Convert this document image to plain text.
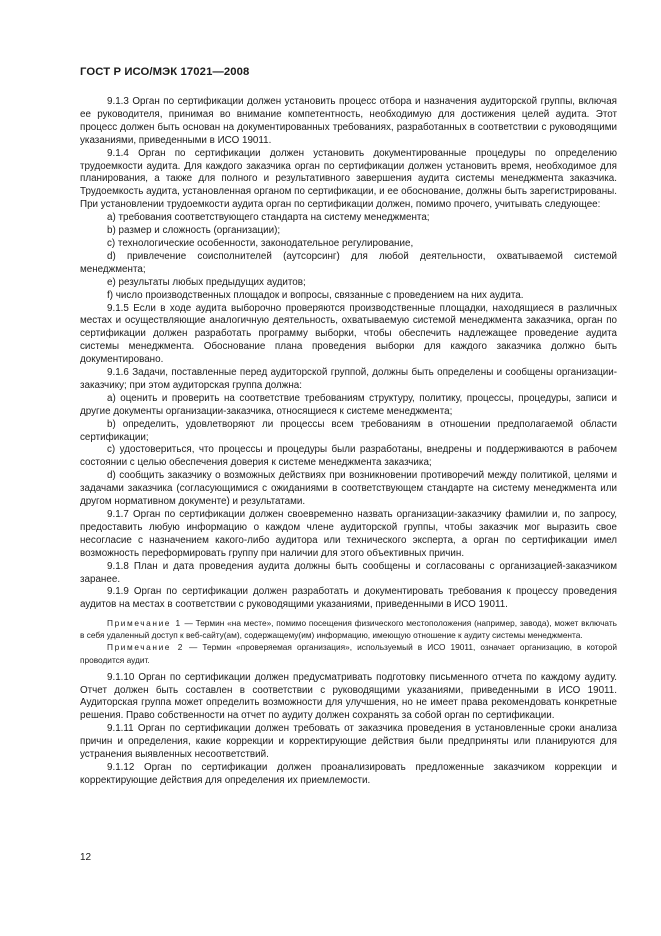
ГОСТ Р ИСО/МЭК 17021—2008

9.1.3 Орган по сертификации должен установить процесс отбора и назначения аудиторской группы, включая ее руководителя, принимая во внимание компетентность, необходимую для достижения целей аудита. Этот процесс должен быть основан на документированных требованиях, разработанных в соответствии с руководящими указаниями, приведенными в ИСО 19011.

9.1.4 Орган по сертификации должен установить документированные процедуры по определению трудоемкости аудита. Для каждого заказчика орган по сертификации должен установить время, необходимое для планирования, а также для полного и результативного завершения аудита системы менеджмента заказчика. Трудоемкость аудита, установленная органом по сертификации, и ее обоснование, должны быть зарегистрированы. При установлении трудоемкости аудита орган по сертификации должен, помимо прочего, учитывать следующее:

a) требования соответствующего стандарта на систему менеджмента;

b) размер и сложность (организации);

c) технологические особенности, законодательное регулирование,

d) привлечение соисполнителей (аутсорсинг) для любой деятельности, охватываемой системой менеджмента;

e) результаты любых предыдущих аудитов;

f) число производственных площадок и вопросы, связанные с проведением на них аудита.

9.1.5 Если в ходе аудита выборочно проверяются производственные площадки, находящиеся в различных местах и осуществляющие аналогичную деятельность, охватываемую системой менеджмента заказчика, орган по сертификации должен разработать программу выборки, чтобы обеспечить надлежащее проведение аудита системы менеджмента. Обоснование плана проведения выборки для каждого заказчика должно быть документировано.

9.1.6 Задачи, поставленные перед аудиторской группой, должны быть определены и сообщены организации-заказчику; при этом аудиторская группа должна:

a) оценить и проверить на соответствие требованиям структуру, политику, процессы, процедуры, записи и другие документы организации-заказчика, относящиеся к системе менеджмента;

b) определить, удовлетворяют ли процессы всем требованиям в отношении предполагаемой области сертификации;

c) удостовериться, что процессы и процедуры были разработаны, внедрены и поддерживаются в рабочем состоянии с целью обеспечения доверия к системе менеджмента заказчика;

d) сообщить заказчику о возможных действиях при возникновении противоречий между политикой, целями и задачами заказчика (согласующимися с ожиданиями в соответствующем стандарте на систему менеджмента или другом нормативном документе) и результатами.

9.1.7 Орган по сертификации должен своевременно назвать организации-заказчику фамилии и, по запросу, предоставить любую информацию о каждом члене аудиторской группы, чтобы заказчик мог выразить свое несогласие с назначением какого-либо аудитора или технического эксперта, а орган по сертификации имел возможность переформировать группу при наличии для этого объективных причин.

9.1.8 План и дата проведения аудита должны быть сообщены и согласованы с организацией-заказчиком заранее.

9.1.9 Орган по сертификации должен разработать и документировать требования к процессу проведения аудитов на местах в соответствии с руководящими указаниями, приведенными в ИСО 19011.

Примечание 1 — Термин «на месте», помимо посещения физического местоположения (например, завода), может включать в себя удаленный доступ к веб-сайту(ам), содержащему(им) информацию, имеющую отношение к аудиту системы менеджмента.

Примечание 2 — Термин «проверяемая организация», используемый в ИСО 19011, означает организацию, в которой проводится аудит.

9.1.10 Орган по сертификации должен предусматривать подготовку письменного отчета по каждому аудиту. Отчет должен быть составлен в соответствии с руководящими указаниями, приведенными в ИСО 19011. Аудиторская группа может определить возможности для улучшения, но не имеет права рекомендовать конкретные решения. Право собственности на отчет по аудиту должен сохранять за собой орган по сертификации.

9.1.11 Орган по сертификации должен требовать от заказчика проведения в установленные сроки анализа причин и определения, какие коррекции и корректирующие действия были предприняты или планируются для устранения выявленных несоответствий.

9.1.12 Орган по сертификации должен проанализировать предложенные заказчиком коррекции и корректирующие действия для определения их приемлемости.

12
